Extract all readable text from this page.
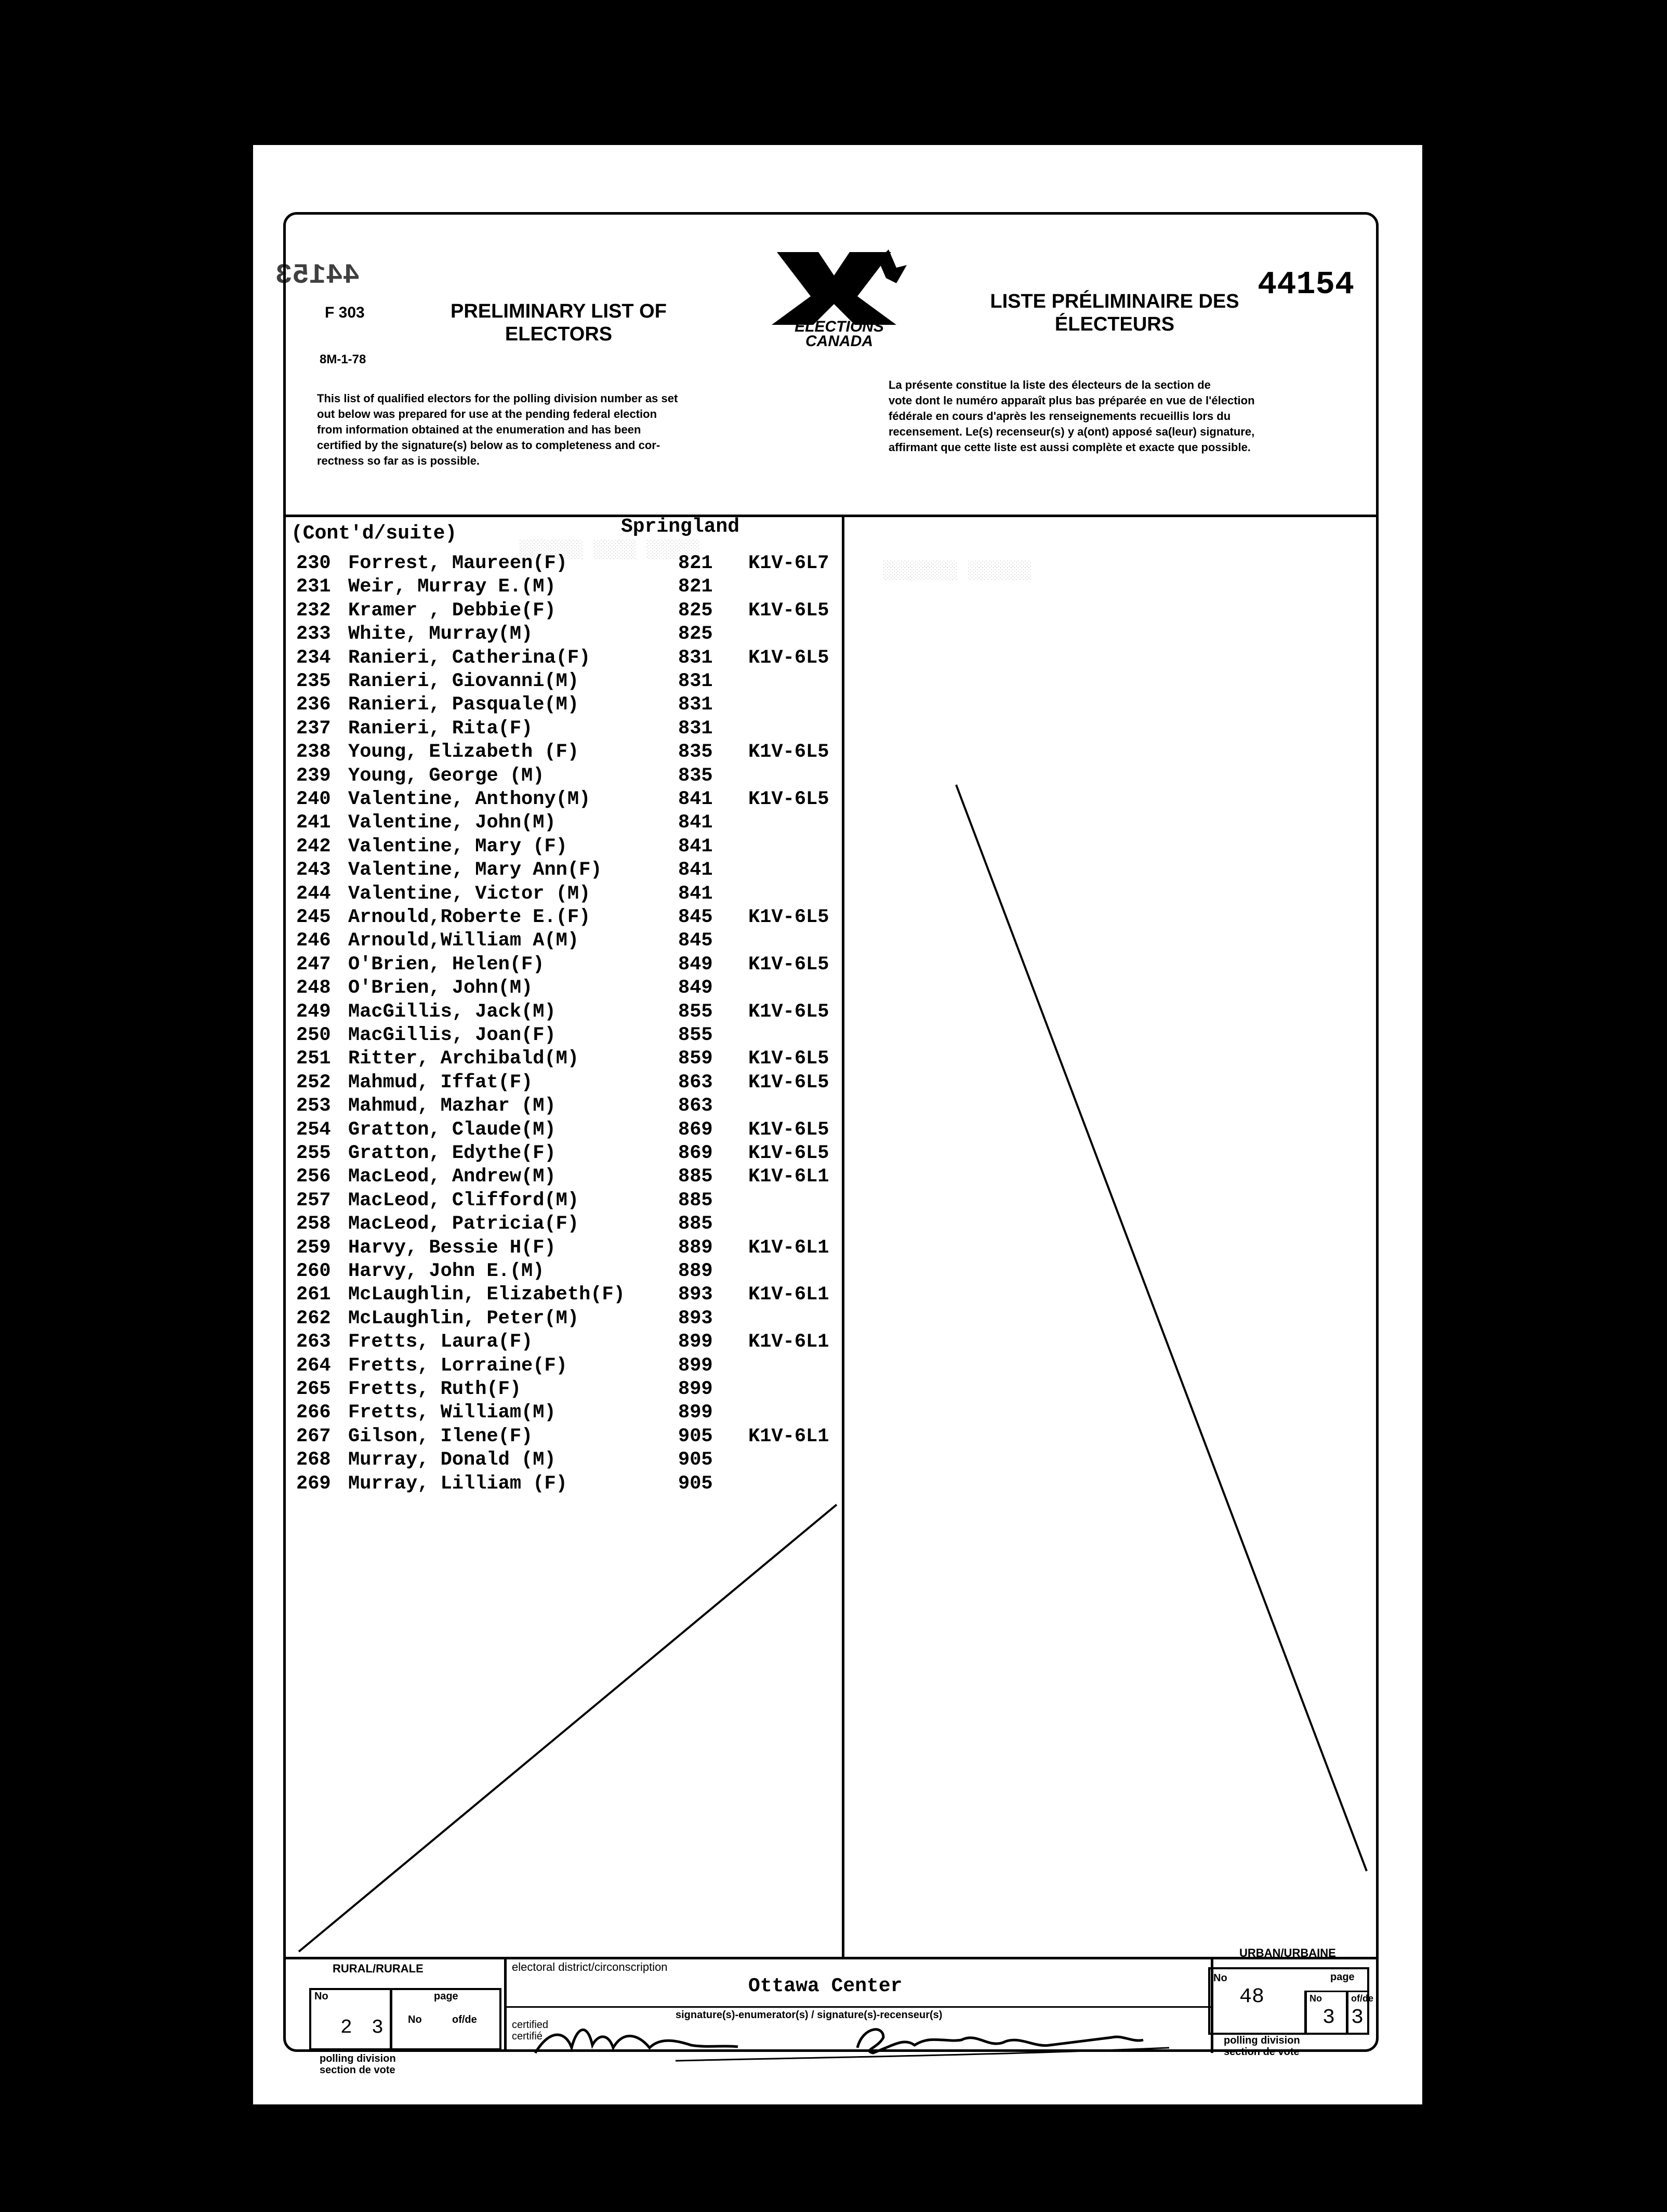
44153
F 303
8M-1-78
PRELIMINARY LIST OF
ELECTORS	ELECTIONS
CANADA
LISTE PRÉLIMINAIRE DES
ÉLECTEURS
44154
This list of qualified electors for the polling division number as set
out below was prepared for use at the pending federal election
from information obtained at the enumeration and has been
certified by the signature(s) below as to completeness and cor-
rectness so far as is possible.
La présente constitue la liste des électeurs de la section de
vote dont le numéro apparaît plus bas préparée en vue de l'élection
fédérale en cours d'après les renseignements recueillis lors du
recensement. Le(s) recenseur(s) y a(ont) apposé sa(leur) signature,
affirmant que cette liste est aussi complète et exacte que possible.
░░░░░░ ░░░░ ░░░░░
░░░░░░░ ░░░░░░
(Cont'd/suite)	Springland
230 Forrest, Maureen(F)	821 K1V-6L7
231 Weir, Murray E.(M)	821
232 Kramer , Debbie(F)	825 K1V-6L5
233 White, Murray(M)	825
234 Ranieri, Catherina(F)	831 K1V-6L5
235 Ranieri, Giovanni(M)	831
236 Ranieri, Pasquale(M)	831
237 Ranieri, Rita(F)	831
238 Young, Elizabeth (F)	835 K1V-6L5
239 Young, George (M)	835
240 Valentine, Anthony(M)	841 K1V-6L5
241 Valentine, John(M)	841
242 Valentine, Mary (F)	841
243 Valentine, Mary Ann(F)	841
244 Valentine, Victor (M)	841
245 Arnould,Roberte E.(F)	845 K1V-6L5
246 Arnould,William A(M)	845
247 O'Brien, Helen(F)	849 K1V-6L5
248 O'Brien, John(M)	849
249 MacGillis, Jack(M)	855 K1V-6L5
250 MacGillis, Joan(F)	855
251 Ritter, Archibald(M)	859 K1V-6L5
252 Mahmud, Iffat(F)	863 K1V-6L5
253 Mahmud, Mazhar (M)	863
254 Gratton, Claude(M)	869 K1V-6L5
255 Gratton, Edythe(F)	869 K1V-6L5
256 MacLeod, Andrew(M)	885 K1V-6L1
257 MacLeod, Clifford(M)	885
258 MacLeod, Patricia(F)	885
259 Harvy, Bessie H(F)	889 K1V-6L1
260 Harvy, John E.(M)	889
261 McLaughlin, Elizabeth(F)	893 K1V-6L1
262 McLaughlin, Peter(M)	893
263 Fretts, Laura(F)	899 K1V-6L1
264 Fretts, Lorraine(F)	899
265 Fretts, Ruth(F)	899
266 Fretts, William(M)	899
267 Gilson, Ilene(F)	905 K1V-6L1
268 Murray, Donald (M)	905
269 Murray, Lilliam (F)	905
RURAL/RURALE
No	page
No	of/de
2 3
polling division
section de vote
electoral district/circonscription
Ottawa Center
signature(s)-enumerator(s) / signature(s)-recenseur(s)
certified
certifié
URBAN/URBAINE
No	page
48	No	of/de
3 3
polling division
section de vote
